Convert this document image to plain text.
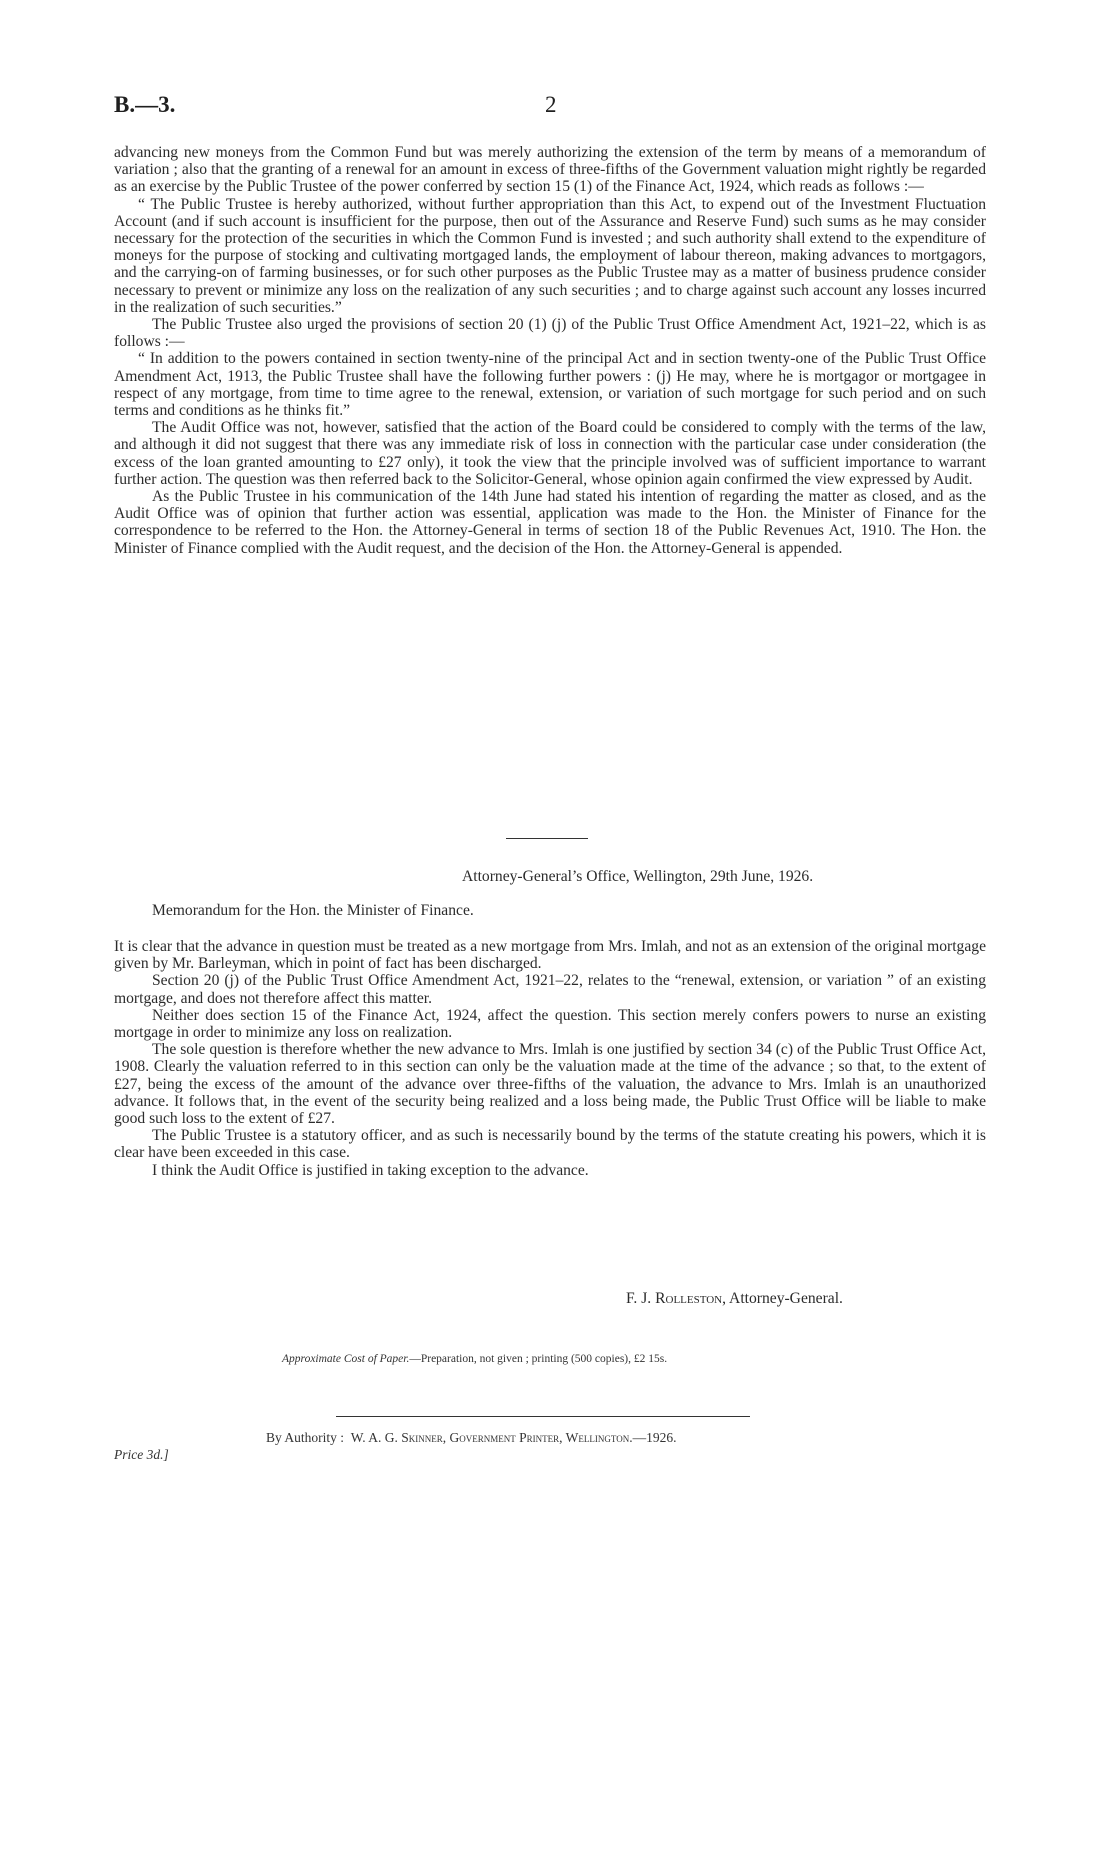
B.—3.	2

advancing new moneys from the Common Fund but was merely authorizing the extension of the term by means of a memorandum of variation ; also that the granting of a renewal for an amount in excess of three-fifths of the Government valuation might rightly be regarded as an exercise by the Public Trustee of the power conferred by section 15 (1) of the Finance Act, 1924, which reads as follows :—

“ The Public Trustee is hereby authorized, without further appropriation than this Act, to expend out of the Investment Fluctuation Account (and if such account is insufficient for the purpose, then out of the Assurance and Reserve Fund) such sums as he may consider necessary for the protection of the securities in which the Common Fund is invested ; and such authority shall extend to the expenditure of moneys for the purpose of stocking and cultivating mortgaged lands, the employment of labour thereon, making advances to mortgagors, and the carrying-on of farming businesses, or for such other purposes as the Public Trustee may as a matter of business prudence consider necessary to prevent or minimize any loss on the realization of any such securities ; and to charge against such account any losses incurred in the realization of such securities.”

The Public Trustee also urged the provisions of section 20 (1) (j) of the Public Trust Office Amendment Act, 1921–22, which is as follows :—

“ In addition to the powers contained in section twenty-nine of the principal Act and in section twenty-one of the Public Trust Office Amendment Act, 1913, the Public Trustee shall have the following further powers : (j) He may, where he is mortgagor or mortgagee in respect of any mortgage, from time to time agree to the renewal, extension, or variation of such mortgage for such period and on such terms and conditions as he thinks fit.”

The Audit Office was not, however, satisfied that the action of the Board could be considered to comply with the terms of the law, and although it did not suggest that there was any immediate risk of loss in connection with the particular case under consideration (the excess of the loan granted amounting to £27 only), it took the view that the principle involved was of sufficient importance to warrant further action. The question was then referred back to the Solicitor-General, whose opinion again confirmed the view expressed by Audit.

As the Public Trustee in his communication of the 14th June had stated his intention of regarding the matter as closed, and as the Audit Office was of opinion that further action was essential, application was made to the Hon. the Minister of Finance for the correspondence to be referred to the Hon. the Attorney-General in terms of section 18 of the Public Revenues Act, 1910. The Hon. the Minister of Finance complied with the Audit request, and the decision of the Hon. the Attorney-General is appended.

Attorney-General’s Office, Wellington, 29th June, 1926.
Memorandum for the Hon. the Minister of Finance.

It is clear that the advance in question must be treated as a new mortgage from Mrs. Imlah, and not as an extension of the original mortgage given by Mr. Barleyman, which in point of fact has been discharged.

Section 20 (j) of the Public Trust Office Amendment Act, 1921–22, relates to the “renewal, extension, or variation ” of an existing mortgage, and does not therefore affect this matter.

Neither does section 15 of the Finance Act, 1924, affect the question. This section merely confers powers to nurse an existing mortgage in order to minimize any loss on realization.

The sole question is therefore whether the new advance to Mrs. Imlah is one justified by section 34 (c) of the Public Trust Office Act, 1908. Clearly the valuation referred to in this section can only be the valuation made at the time of the advance ; so that, to the extent of £27, being the excess of the amount of the advance over three-fifths of the valuation, the advance to Mrs. Imlah is an unauthorized advance. It follows that, in the event of the security being realized and a loss being made, the Public Trust Office will be liable to make good such loss to the extent of £27.

The Public Trustee is a statutory officer, and as such is necessarily bound by the terms of the statute creating his powers, which it is clear have been exceeded in this case.

I think the Audit Office is justified in taking exception to the advance.

F. J. Rolleston, Attorney-General.
Approximate Cost of Paper.—Preparation, not given ; printing (500 copies), £2 15s.
By Authority : W. A. G. Skinner, Government Printer, Wellington.—1926.
Price 3d.]
